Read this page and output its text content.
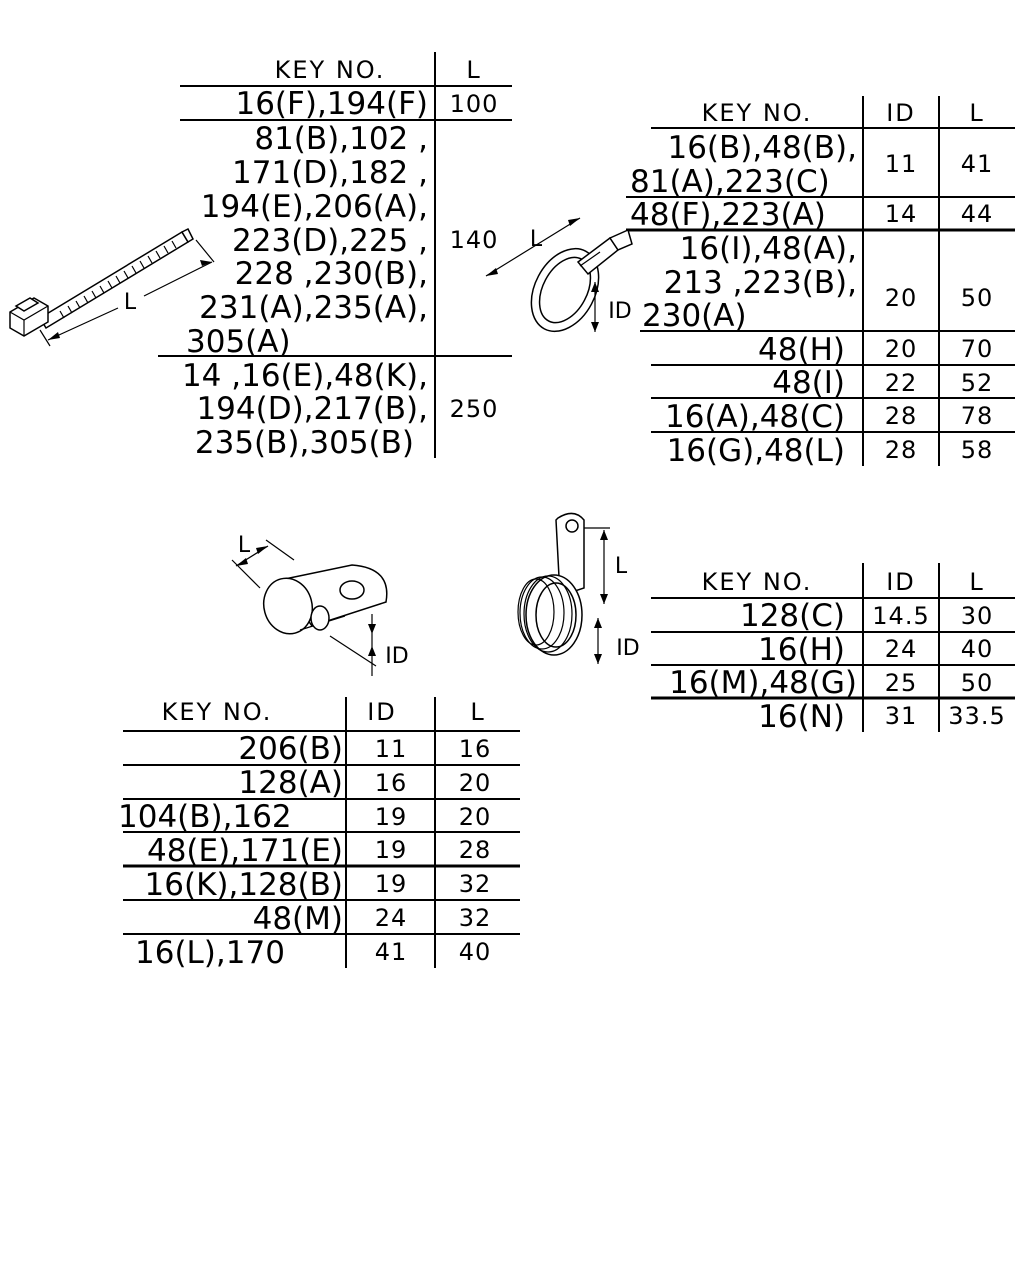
KEY NO.	L
16(F),194(F) 100
81(B),102 ,
171(D),182 ,
194(E),206(A),
223(D),225 ,
228 ,230(B),
231(A),235(A),
305(A)
140
14 ,16(E),48(K),
194(D),217(B),
235(B),305(B)
250
KEY NO.	ID L
16(B),48(B),
81(A),223(C) 11 41
48(F),223(A) 14 44
16(I),48(A),
213 ,223(B),
230(A)	20 50
48(H) 20 70
48(I) 22 52
16(A),48(C) 28 78
16(G),48(L) 28 58
KEY NO.	ID L
128(C) 14.5 30
16(H) 24 40
16(M),48(G) 25 50
16(N) 31 33.5
KEY NO.	ID	L
206(B) 11 16
128(A) 16 20
104(B),162	19 20
48(E),171(E) 19 28
16(K),128(B) 19 32
48(M) 24 32
16(L),170	41 40
L
L
ID
L
ID
L
ID
